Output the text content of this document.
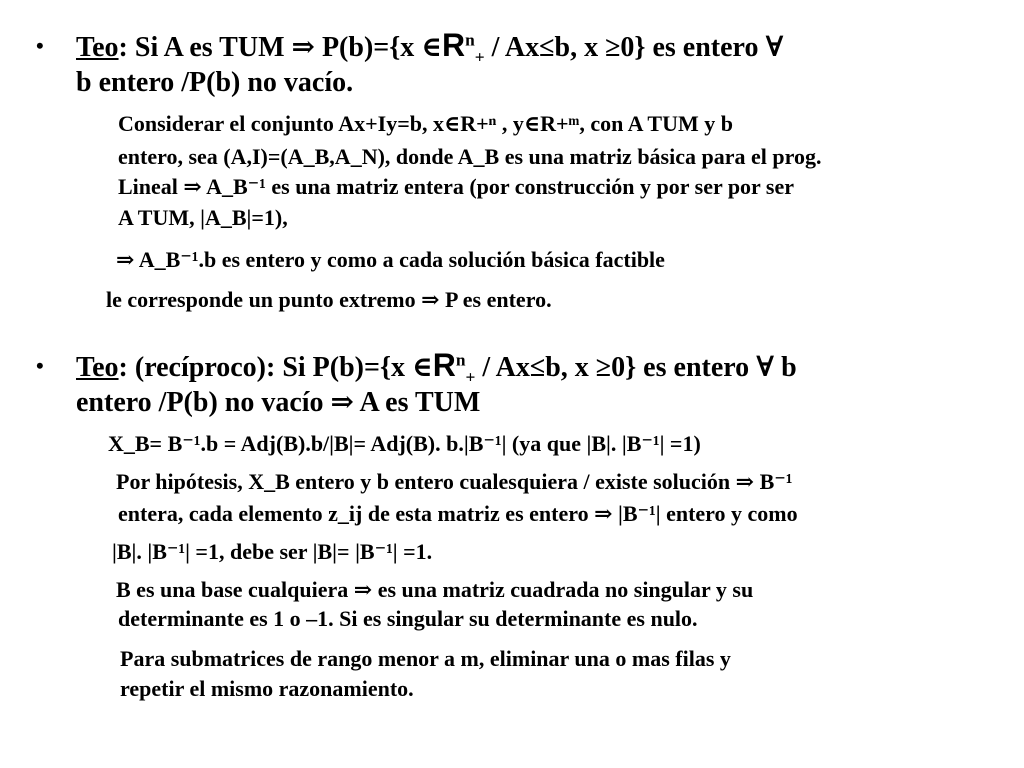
• Teo: Si A es TUM ⇒ P(b)={x $\in R^n_+ / Ax\le b$, x ≥0} es entero ∀
b entero /P(b) no vacío.
Considerar el conjunto Ax+Iy=b, x∈R+ⁿ , y∈R+ᵐ, con A TUM y b
entero, sea (A,I)=(A_B,A_N), donde A_B es una matriz básica para el prog.
Lineal ⇒ A_B⁻¹ es una matriz entera (por construcción y por ser por ser
A TUM, |A_B|=1),
⇒ A_B⁻¹.b es entero y como a cada solución básica factible
le corresponde un punto extremo ⇒ P es entero.
• Teo: (recíproco): Si P(b)={x $\in R^n_+ / Ax\le b$, x ≥0} es entero ∀ b
entero /P(b) no vacío ⇒ A es TUM
X_B= B⁻¹.b = Adj(B).b/|B|= Adj(B). b.|B⁻¹| (ya que |B|. |B⁻¹| =1)
Por hipótesis, X_B entero y b entero cualesquiera / existe solución ⇒ B⁻¹
entera, cada elemento z_ij de esta matriz es entero ⇒ |B⁻¹| entero y como
|B|. |B⁻¹| =1, debe ser |B|= |B⁻¹| =1.
B es una base cualquiera ⇒ es una matriz cuadrada no singular y su
determinante es 1 o –1. Si es singular su determinante es nulo.
Para submatrices de rango menor a m, eliminar una o mas filas y
repetir el mismo razonamiento.
